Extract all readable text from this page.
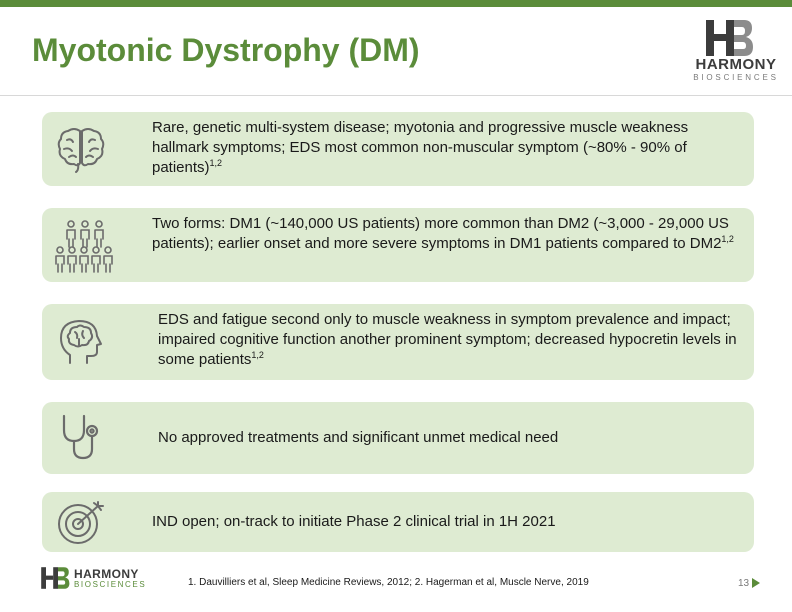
Myotonic Dystrophy (DM)	HARMONY
BIOSCIENCES
Rare, genetic multi-system disease; myotonia and progressive muscle weakness hallmark symptoms; EDS most common non-muscular symptom (~80% - 90% of patients)$^{1,2}$
Two forms: DM1 (~140,000 US patients) more common than DM2 (~3,000 - 29,000 US patients); earlier onset and more severe symptoms in DM1 patients compared to DM2$^{1,2}$
EDS and fatigue second only to muscle weakness in symptom prevalence and impact; impaired cognitive function another prominent symptom; decreased hypocretin levels in some patients$^{1,2}$
No approved treatments and significant unmet medical need
IND open; on-track to initiate Phase 2 clinical trial in 1H 2021
HARMONY
BIOSCIENCES	1. Dauvilliers et al, Sleep Medicine Reviews, 2012; 2. Hagerman et al, Muscle Nerve, 2019	13
